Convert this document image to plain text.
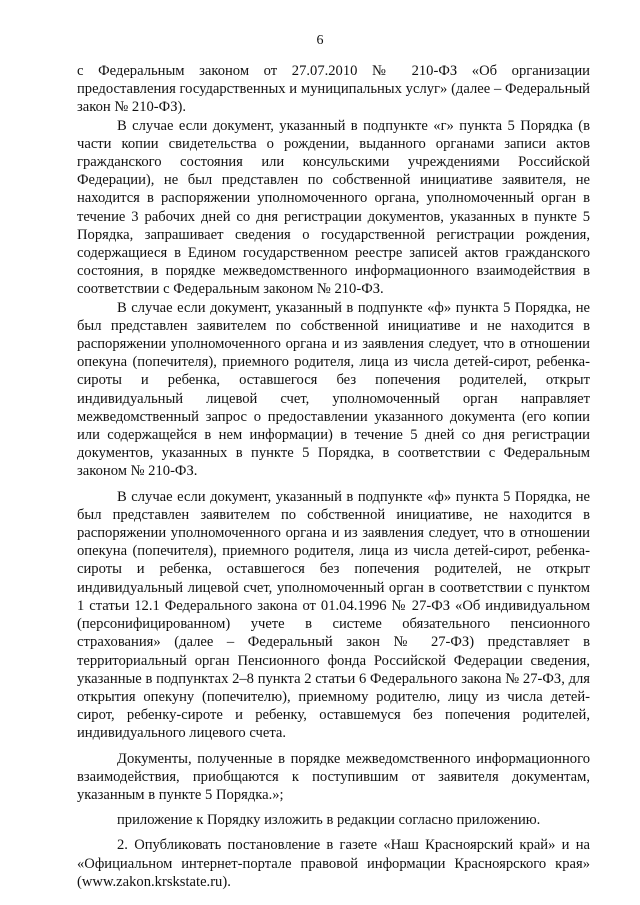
6

с Федеральным законом от 27.07.2010 № 210-ФЗ «Об организации предоставления государственных и муниципальных услуг» (далее – Федеральный закон № 210-ФЗ).

В случае если документ, указанный в подпункте «г» пункта 5 Порядка (в части копии свидетельства о рождении, выданного органами записи актов гражданского состояния или консульскими учреждениями Российской Федерации), не был представлен по собственной инициативе заявителя, не находится в распоряжении уполномоченного органа, уполномоченный орган в течение 3 рабочих дней со дня регистрации документов, указанных в пункте 5 Порядка, запрашивает сведения о государственной регистрации рождения, содержащиеся в Едином государственном реестре записей актов гражданского состояния, в порядке межведомственного информационного взаимодействия в соответствии с Федеральным законом № 210-ФЗ.

В случае если документ, указанный в подпункте «ф» пункта 5 Порядка, не был представлен заявителем по собственной инициативе и не находится в распоряжении уполномоченного органа и из заявления следует, что в отношении опекуна (попечителя), приемного родителя, лица из числа детей-сирот, ребенка-сироты и ребенка, оставшегося без попечения родителей, открыт индивидуальный лицевой счет, уполномоченный орган направляет межведомственный запрос о предоставлении указанного документа (его копии или содержащейся в нем информации) в течение 5 дней со дня регистрации документов, указанных в пункте 5 Порядка, в соответствии с Федеральным законом № 210-ФЗ.

В случае если документ, указанный в подпункте «ф» пункта 5 Порядка, не был представлен заявителем по собственной инициативе, не находится в распоряжении уполномоченного органа и из заявления следует, что в отношении опекуна (попечителя), приемного родителя, лица из числа детей-сирот, ребенка-сироты и ребенка, оставшегося без попечения родителей, не открыт индивидуальный лицевой счет, уполномоченный орган в соответствии с пунктом 1 статьи 12.1 Федерального закона от 01.04.1996 № 27-ФЗ «Об индивидуальном (персонифицированном) учете в системе обязательного пенсионного страхования» (далее – Федеральный закон № 27-ФЗ) представляет в территориальный орган Пенсионного фонда Российской Федерации сведения, указанные в подпунктах 2–8 пункта 2 статьи 6 Федерального закона № 27-ФЗ, для открытия опекуну (попечителю), приемному родителю, лицу из числа детей-сирот, ребенку-сироте и ребенку, оставшемуся без попечения родителей, индивидуального лицевого счета.

Документы, полученные в порядке межведомственного информационного взаимодействия, приобщаются к поступившим от заявителя документам, указанным в пункте 5 Порядка.»;

приложение к Порядку изложить в редакции согласно приложению.

2. Опубликовать постановление в газете «Наш Красноярский край» и на «Официальном интернет-портале правовой информации Красноярского края» (www.zakon.krskstate.ru).
